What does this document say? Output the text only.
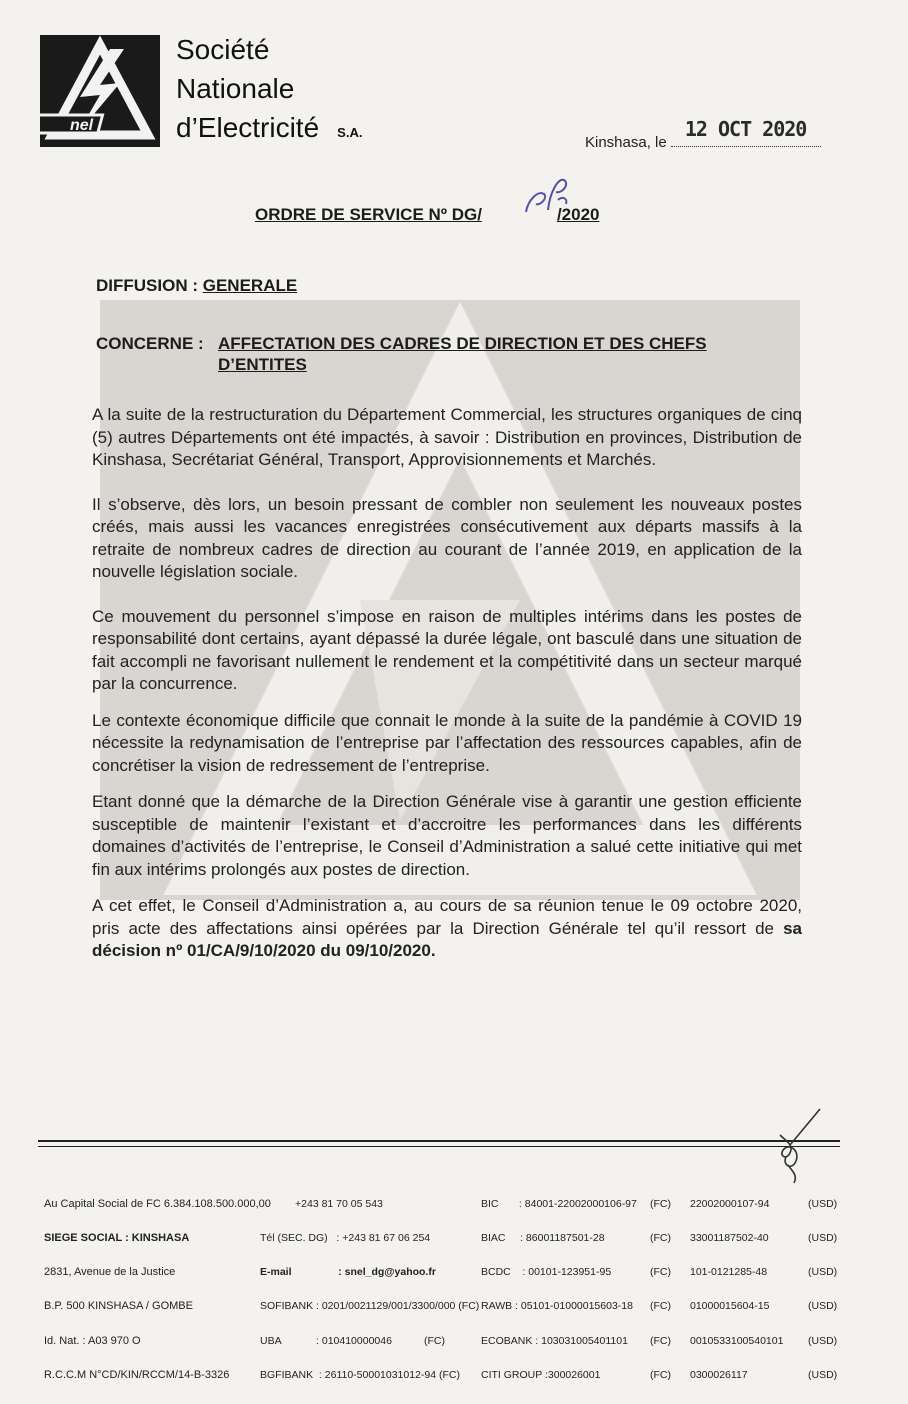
nel
Société
Nationale
d’Electricité S.A.
Kinshasa, le
12 OCT 2020
ORDRE DE SERVICE Nº DG/	/2020
DIFFUSION : GENERALE
CONCERNE : AFFECTATION DES CADRES DE DIRECTION ET DES CHEFS
D’ENTITES

A la suite de la restructuration du Département Commercial, les structures organiques de cinq (5) autres Départements ont été impactés, à savoir : Distribution en provinces, Distribution de Kinshasa, Secrétariat Général, Transport, Approvisionnements et Marchés.

Il s’observe, dès lors, un besoin pressant de combler non seulement les nouveaux postes créés, mais aussi les vacances enregistrées consécutivement aux départs massifs à la retraite de nombreux cadres de direction au courant de l’année 2019, en application de la nouvelle législation sociale.

Ce mouvement du personnel s’impose en raison de multiples intérims dans les postes de responsabilité dont certains, ayant dépassé la durée légale, ont basculé dans une situation de fait accompli ne favorisant nullement le rendement et la compétitivité dans un secteur marqué par la concurrence.

Le contexte économique difficile que connait le monde à la suite de la pandémie à COVID 19 nécessite la redynamisation de l’entreprise par l’affectation des ressources capables, afin de concrétiser la vision de redressement de l’entreprise.

Etant donné que la démarche de la Direction Générale vise à garantir une gestion efficiente susceptible de maintenir l’existant et d’accroitre les performances dans les différents domaines d’activités de l’entreprise, le Conseil d’Administration a salué cette initiative qui met fin aux intérims prolongés aux postes de direction.

A cet effet, le Conseil d’Administration a, au cours de sa réunion tenue le 09 octobre 2020, pris acte des affectations ainsi opérées par la Direction Générale tel qu’il ressort de sa décision nº 01/CA/9/10/2020 du 09/10/2020.

Au Capital Social de FC 6.384.108.500.000,00

SIEGE SOCIAL : KINSHASA

2831, Avenue de la Justice

B.P. 500 KINSHASA / GOMBE

Id. Nat. : A03 970 O

R.C.C.M N°CD/KIN/RCCM/14-B-3326

+243 81 70 05 543

Tél (SEC. DG)   : +243 81 67 06 254

E-mail                : snel_dg@yahoo.fr

SOFIBANK : 0201/0021129/001/3300/000 (FC)

UBA            : 010410000046           (FC)

BGFIBANK  : 26110-50001031012-94 (FC)

BIC       : 84001-22002000106-97

BIAC     : 86001187501-28

BCDC    : 00101-123951-95

RAWB : 05101-01000015603-18

ECOBANK : 103031005401101

CITI GROUP :300026001

(FC)

(FC)

(FC)

(FC)

(FC)

(FC)

22002000107-94

33001187502-40

101-0121285-48

01000015604-15

0010533100540101

0300026117

(USD)

(USD)

(USD)

(USD)

(USD)

(USD)
